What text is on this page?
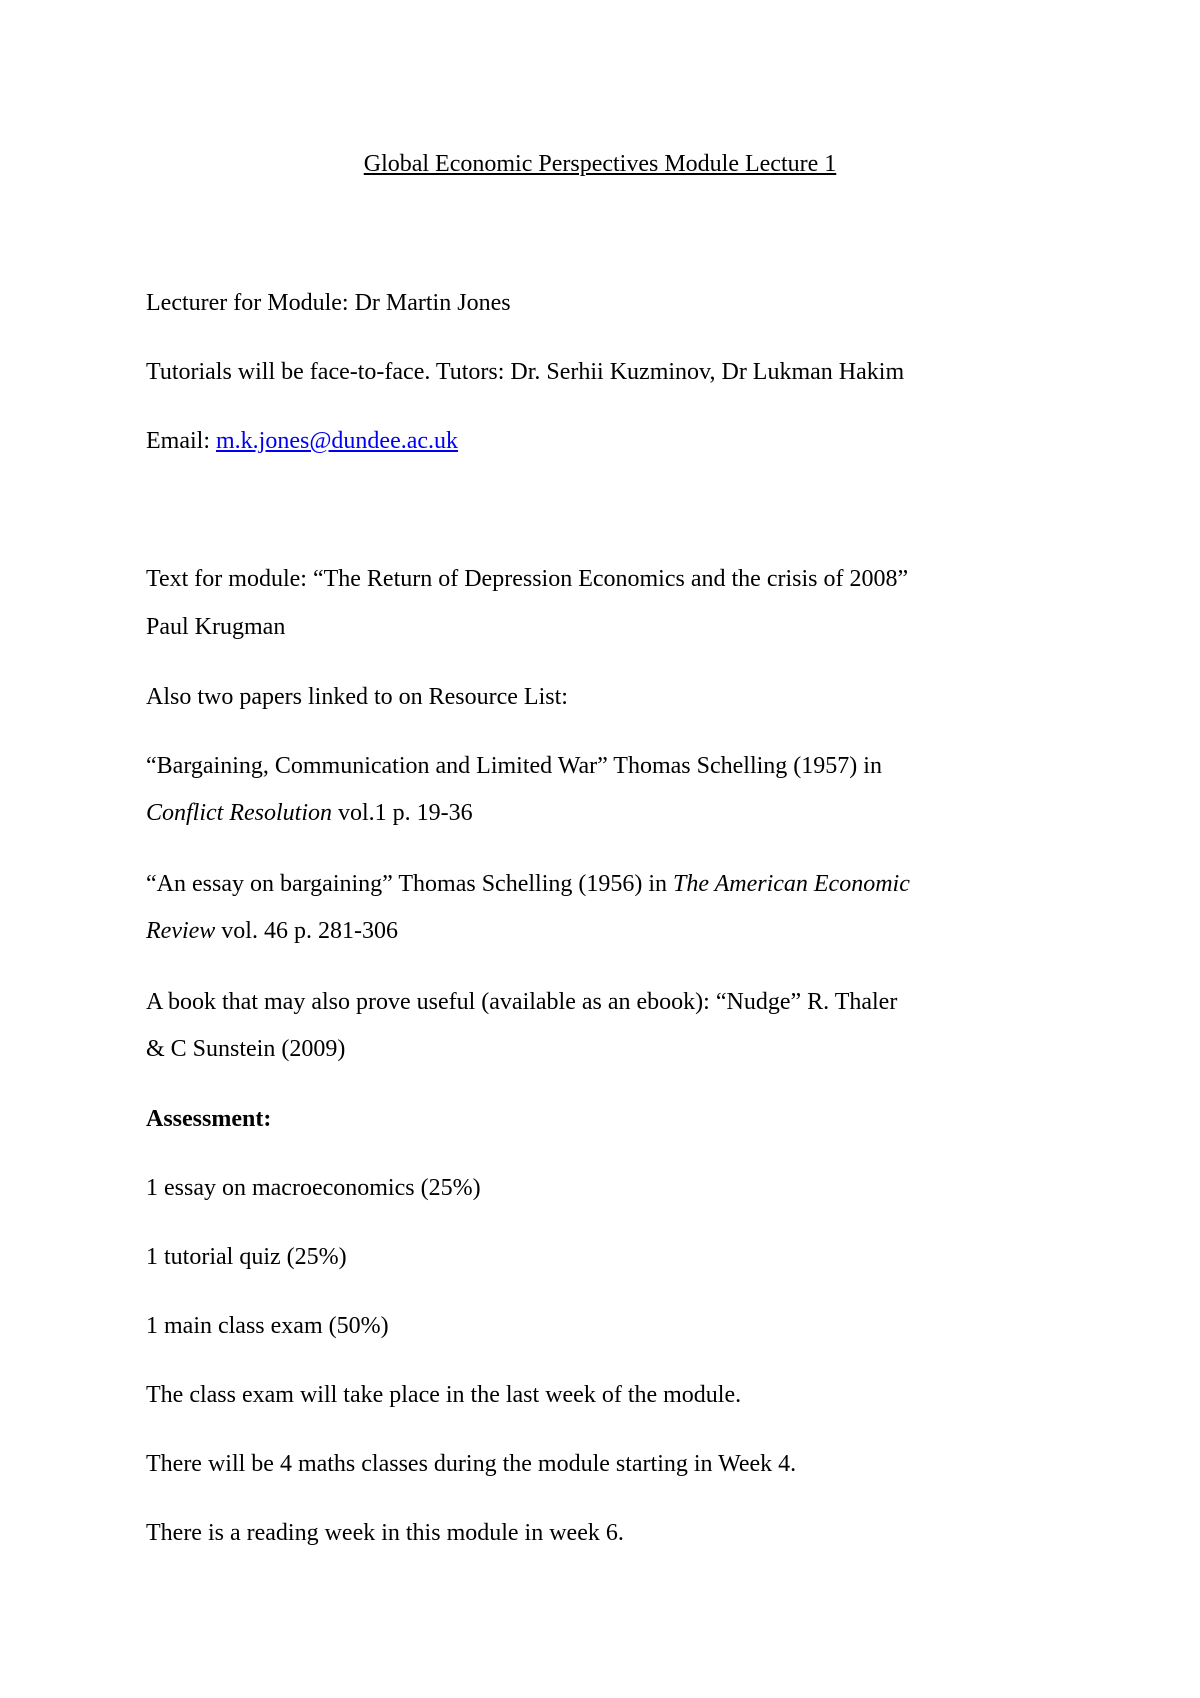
Global Economic Perspectives Module Lecture 1

Lecturer for Module: Dr Martin Jones

Tutorials will be face-to-face. Tutors: Dr. Serhii Kuzminov, Dr Lukman Hakim

Email: m.k.jones@dundee.ac.uk

Text for module: “The Return of Depression Economics and the crisis of 2008”

Paul Krugman

Also two papers linked to on Resource List:

“Bargaining, Communication and Limited War” Thomas Schelling (1957) in

Conflict Resolution vol.1 p. 19-36

“An essay on bargaining” Thomas Schelling (1956) in The American Economic

Review vol. 46 p. 281-306

A book that may also prove useful (available as an ebook): “Nudge” R. Thaler

& C Sunstein (2009)

Assessment:

1 essay on macroeconomics (25%)

1 tutorial quiz (25%)

1 main class exam (50%)

The class exam will take place in the last week of the module.

There will be 4 maths classes during the module starting in Week 4.

There is a reading week in this module in week 6.
